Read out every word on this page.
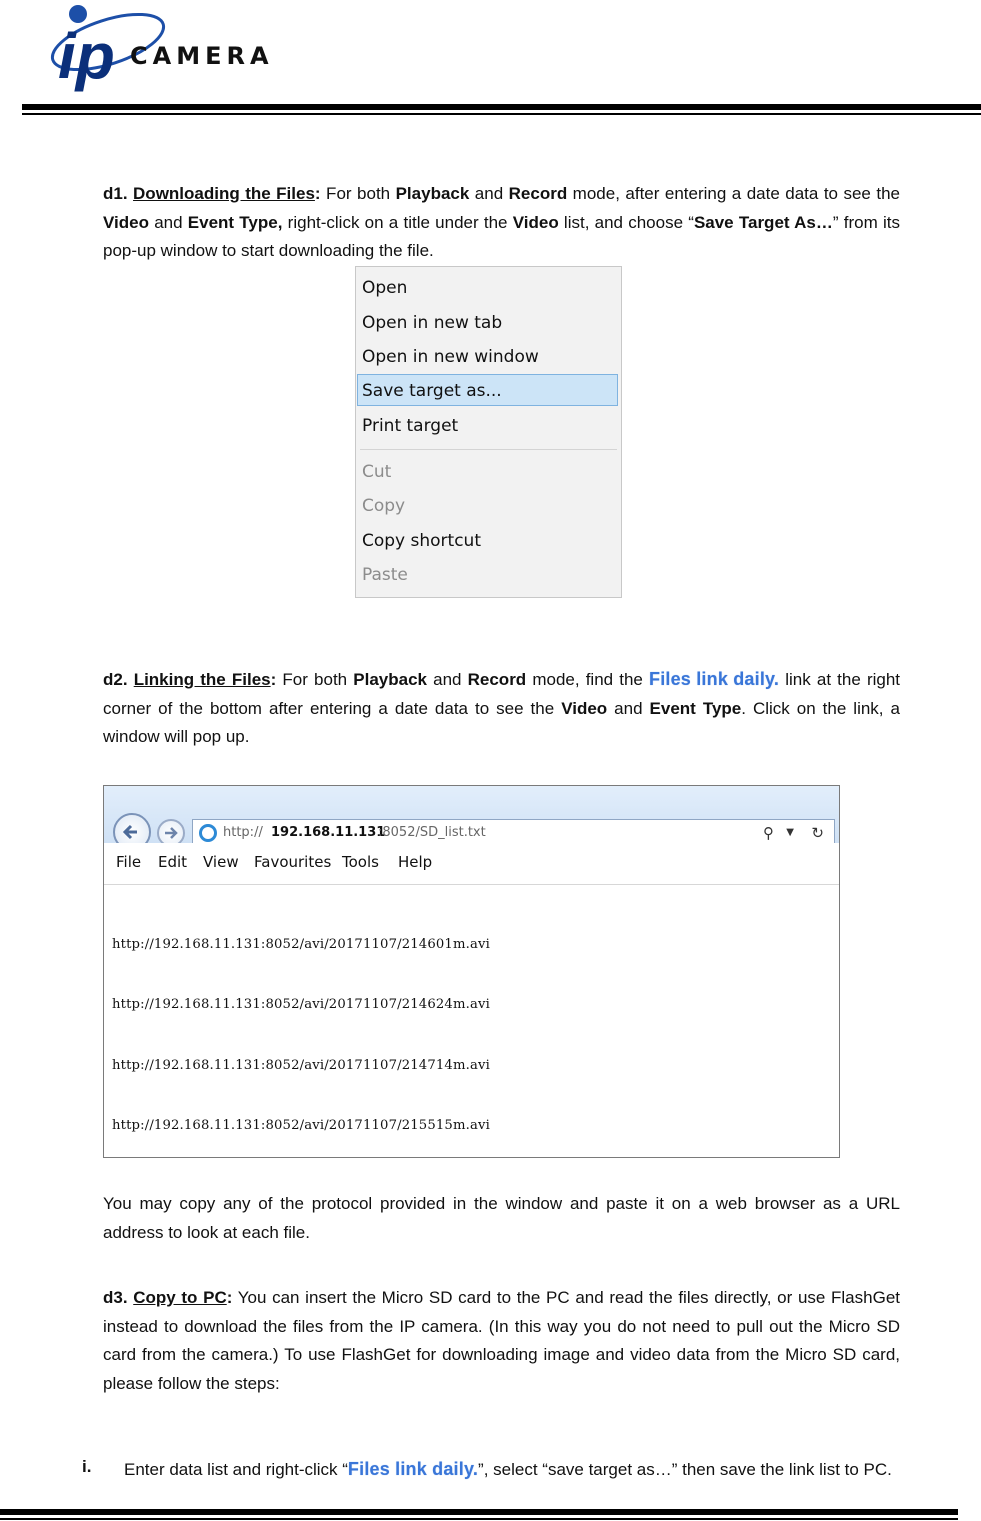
ip CAMERA
d1. Downloading the Files: For both Playback and Record mode, after entering a date data to see the Video and Event Type, right-click on a title under the Video list, and choose “Save Target As…” from its pop-up window to start downloading the file.
Open
Open in new tab
Open in new window
Save target as...
Print target
Cut
Copy
Copy shortcut
Paste
d2. Linking the Files: For both Playback and Record mode, find the Files link daily. link at the right corner of the bottom after entering a date data to see the Video and Event Type. Click on the link, a window will pop up.
http:// 192.168.11.131
:8052/SD_list.txt	⚲ ▼ ↻
File Edit View Favourites Tools Help

http://192.168.11.131:8052/avi/20171107/214601m.avi

http://192.168.11.131:8052/avi/20171107/214624m.avi

http://192.168.11.131:8052/avi/20171107/214714m.avi

http://192.168.11.131:8052/avi/20171107/215515m.avi

You may copy any of the protocol provided in the window and paste it on a web browser as a URL address to look at each file.
d3. Copy to PC: You can insert the Micro SD card to the PC and read the files directly, or use FlashGet instead to download the files from the IP camera. (In this way you do not need to pull out the Micro SD card from the camera.) To use FlashGet for downloading image and video data from the Micro SD card, please follow the steps:
i. Enter data list and right-click “Files link daily.”, select “save target as…” then save the link list to PC.
